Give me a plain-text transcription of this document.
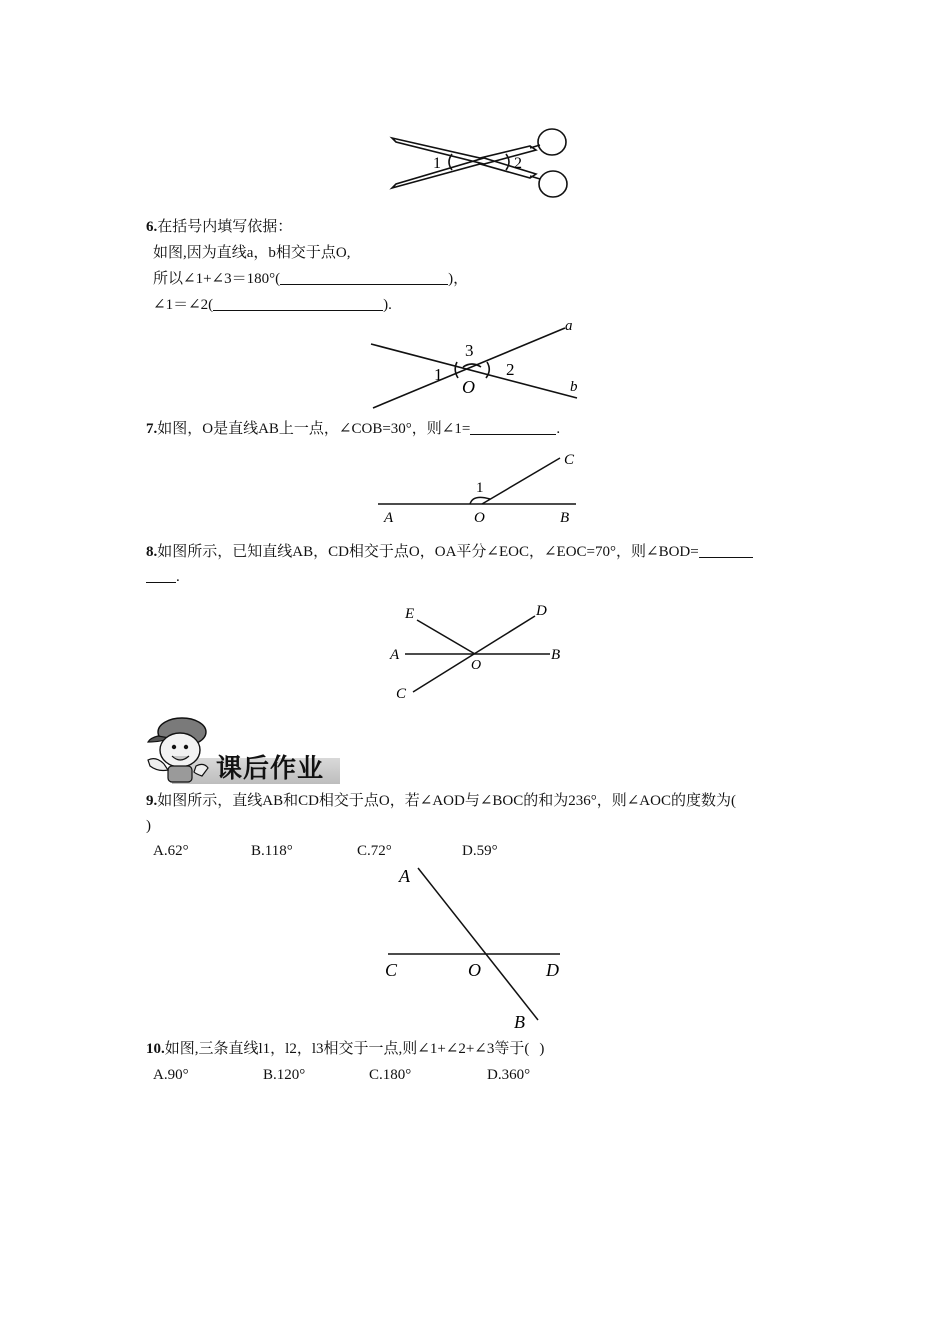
1	2
6.在括号内填写依据：
如图,因为直线a，b相交于点O,
所以∠1+∠3＝180°(	)，
∠1＝∠2(	).
a
b
3
1	2
O
7.如图，O是直线AB上一点，∠COB=30°，则∠1=	.
C
1
A	O	B
8.如图所示，已知直线AB，CD相交于点O，OA平分∠EOC，∠EOC=70°，则∠BOD=
.
E	D
A	B
O
C
课后作业
9.如图所示，直线AB和CD相交于点O，若∠AOD与∠BOC的和为236°，则∠AOC的度数为(
)
A.62°	B.118°	C.72°	D.59°
A
C	O	D
B
10.如图,三条直线l1，l2，l3相交于一点,则∠1+∠2+∠3等于( )
A.90°	B.120°	C.180°	D.360°
